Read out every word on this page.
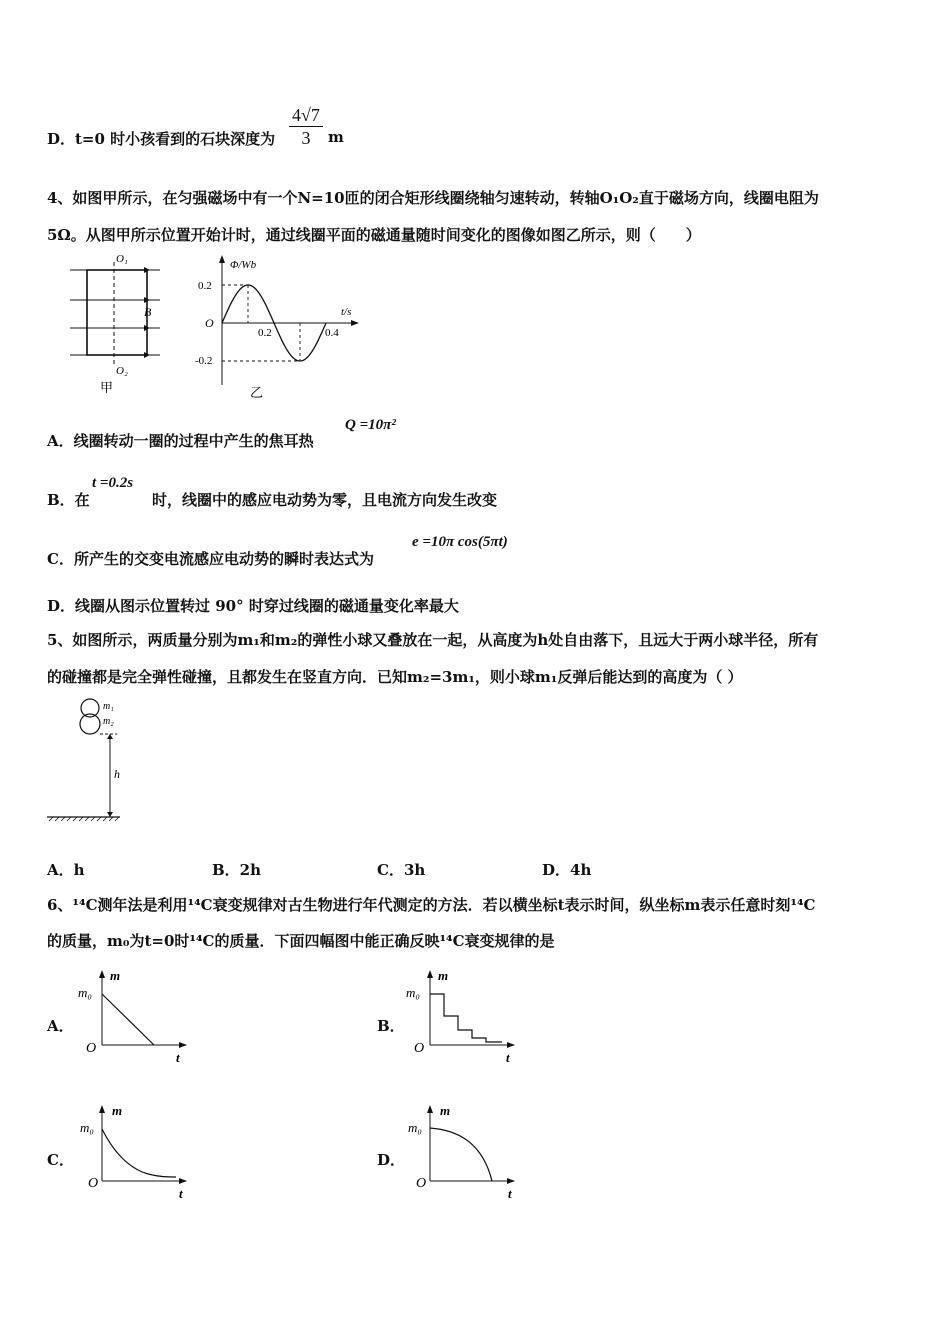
D．t=0 时小孩看到的石块深度为 $\frac{4√7}{3}$ m
4、如图甲所示，在匀强磁场中有一个N=10匝的闭合矩形线圈绕轴匀速转动，转轴O₁O₂直于磁场方向，线圈电阻为
5Ω。从图甲所示位置开始计时，通过线圈平面的磁通量随时间变化的图像如图乙所示，则（　　）
O₁
O₂
B
甲
Φ/Wb
t/s
O
0.2
-0.2
0.2	0.4
乙
A．线圈转动一圈的过程中产生的焦耳热
Q =10π²
B．在
t =0.2s
时，线圈中的感应电动势为零，且电流方向发生改变
C．所产生的交变电流感应电动势的瞬时表达式为
e =10π cos(5πt)
D．线圈从图示位置转过 90° 时穿过线圈的磁通量变化率最大
5、如图所示，两质量分别为m₁和m₂的弹性小球又叠放在一起，从高度为h处自由落下，且远大于两小球半径，所有
的碰撞都是完全弹性碰撞，且都发生在竖直方向．已知m₂=3m₁，则小球m₁反弹后能达到的高度为（ ）
m₁
m₂
h
A．h	B．2h	C．3h	D．4h
6、¹⁴C测年法是利用¹⁴C衰变规律对古生物进行年代测定的方法．若以横坐标t表示时间，纵坐标m表示任意时刻¹⁴C
的质量，m₀为t=0时¹⁴C的质量．下面四幅图中能正确反映¹⁴C衰变规律的是
A．
m
m₀
O
t
B．
m
m₀
O
t
C．
m
m₀
O
t
D．
m
m₀
O
t
